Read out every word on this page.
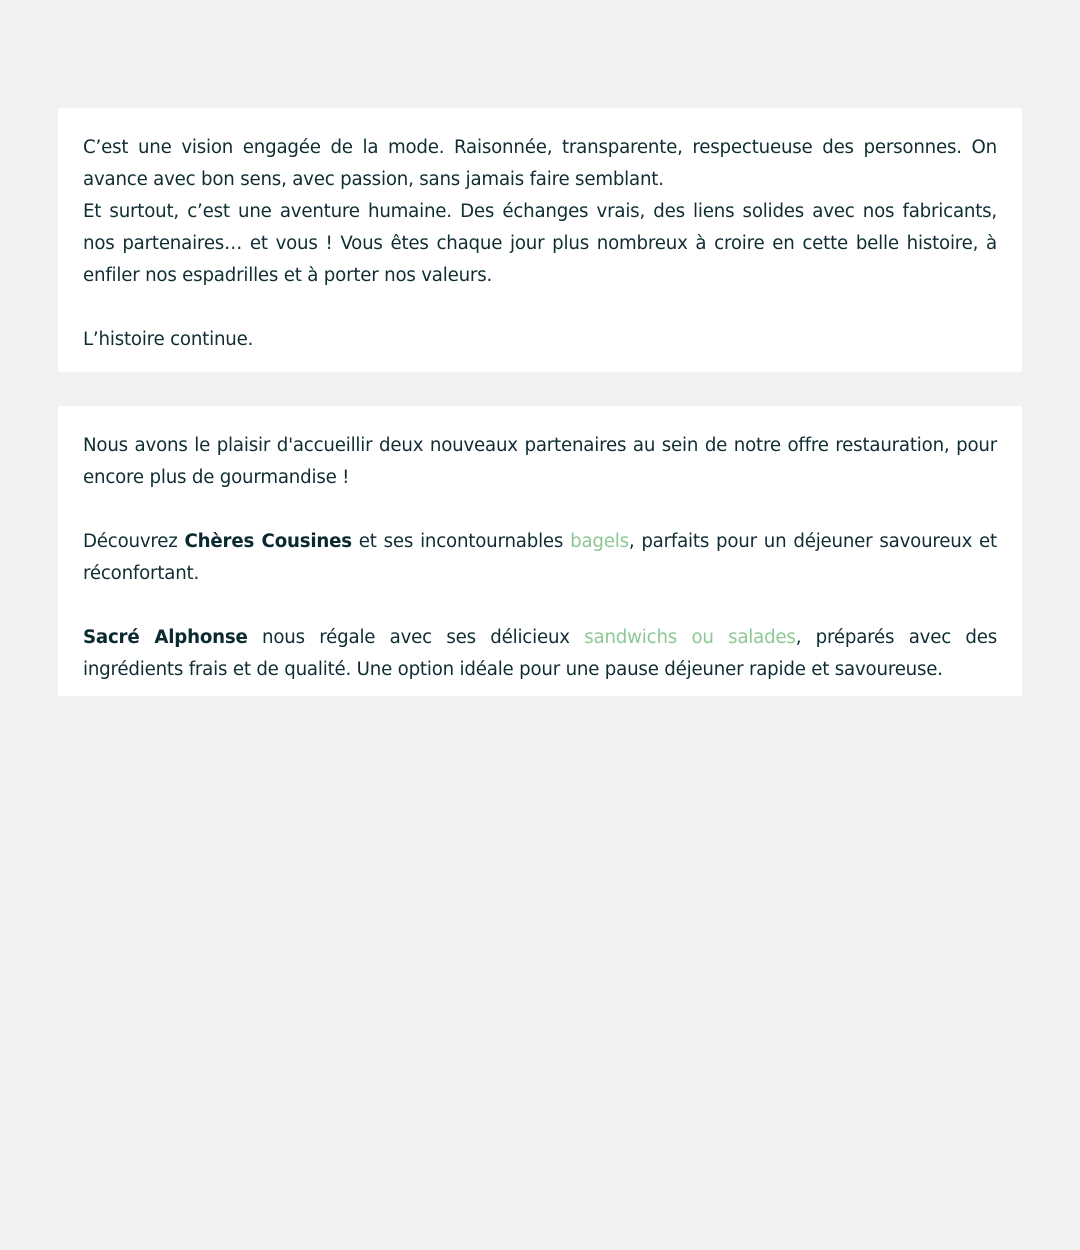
C’est une vision engagée de la mode. Raisonnée, transparente, respectueuse des personnes. On avance avec bon sens, avec passion, sans jamais faire semblant.

Et surtout, c’est une aventure humaine. Des échanges vrais, des liens solides avec nos fabricants, nos partenaires… et vous ! Vous êtes chaque jour plus nombreux à croire en cette belle histoire, à enfiler nos espadrilles et à porter nos valeurs.

L’histoire continue.

Nous avons le plaisir d'accueillir deux nouveaux partenaires au sein de notre offre restauration, pour encore plus de gourmandise !

Découvrez Chères Cousines et ses incontournables bagels, parfaits pour un déjeuner savoureux et réconfortant.

Sacré Alphonse nous régale avec ses délicieux sandwichs ou salades, préparés avec des ingrédients frais et de qualité. Une option idéale pour une pause déjeuner rapide et savoureuse.
